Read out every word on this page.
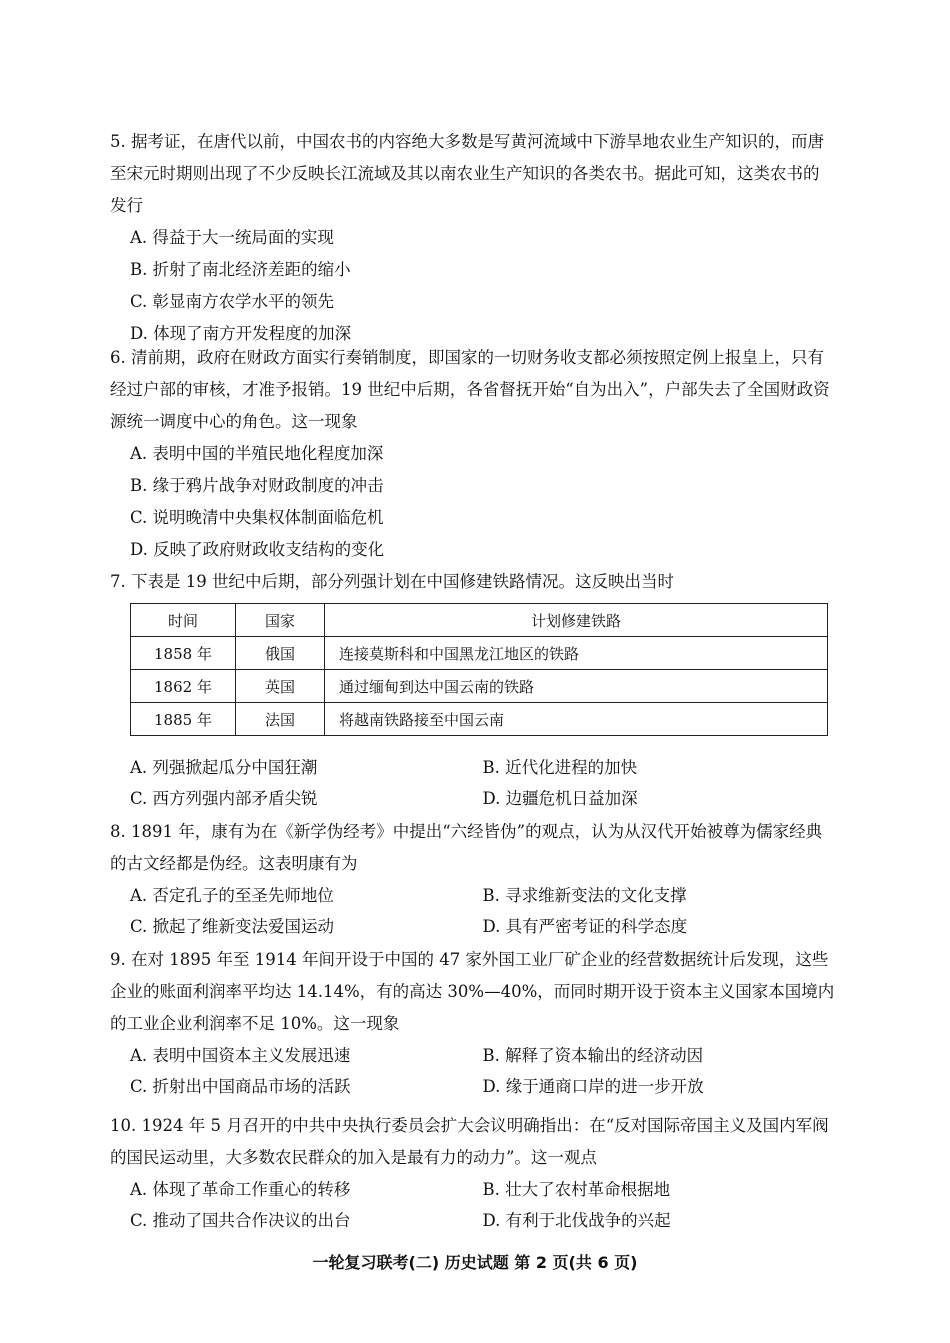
5. 据考证，在唐代以前，中国农书的内容绝大多数是写黄河流域中下游旱地农业生产知识的，而唐至宋元时期则出现了不少反映长江流域及其以南农业生产知识的各类农书。据此可知，这类农书的发行

A. 得益于大一统局面的实现

B. 折射了南北经济差距的缩小

C. 彰显南方农学水平的领先

D. 体现了南方开发程度的加深

6. 清前期，政府在财政方面实行奏销制度，即国家的一切财务收支都必须按照定例上报皇上，只有经过户部的审核，才准予报销。19 世纪中后期，各省督抚开始“自为出入”，户部失去了全国财政资源统一调度中心的角色。这一现象

A. 表明中国的半殖民地化程度加深

B. 缘于鸦片战争对财政制度的冲击

C. 说明晚清中央集权体制面临危机

D. 反映了政府财政收支结构的变化

7. 下表是 19 世纪中后期，部分列强计划在中国修建铁路情况。这反映出当时

时间	国家	计划修建铁路
1858 年	俄国	连接莫斯科和中国黑龙江地区的铁路
1862 年	英国	通过缅甸到达中国云南的铁路
1885 年	法国	将越南铁路接至中国云南
A. 列强掀起瓜分中国狂潮	B. 近代化进程的加快
C. 西方列强内部矛盾尖锐	D. 边疆危机日益加深

8. 1891 年，康有为在《新学伪经考》中提出“六经皆伪”的观点，认为从汉代开始被尊为儒家经典的古文经都是伪经。这表明康有为

A. 否定孔子的至圣先师地位	B. 寻求维新变法的文化支撑
C. 掀起了维新变法爱国运动	D. 具有严密考证的科学态度

9. 在对 1895 年至 1914 年间开设于中国的 47 家外国工业厂矿企业的经营数据统计后发现，这些企业的账面利润率平均达 14.14%，有的高达 30%—40%，而同时期开设于资本主义国家本国境内的工业企业利润率不足 10%。这一现象

A. 表明中国资本主义发展迅速	B. 解释了资本输出的经济动因
C. 折射出中国商品市场的活跃	D. 缘于通商口岸的进一步开放

10. 1924 年 5 月召开的中共中央执行委员会扩大会议明确指出：在“反对国际帝国主义及国内军阀的国民运动里，大多数农民群众的加入是最有力的动力”。这一观点

A. 体现了革命工作重心的转移	B. 壮大了农村革命根据地
C. 推动了国共合作决议的出台	D. 有利于北伐战争的兴起
一轮复习联考(二) 历史试题 第 2 页(共 6 页)
